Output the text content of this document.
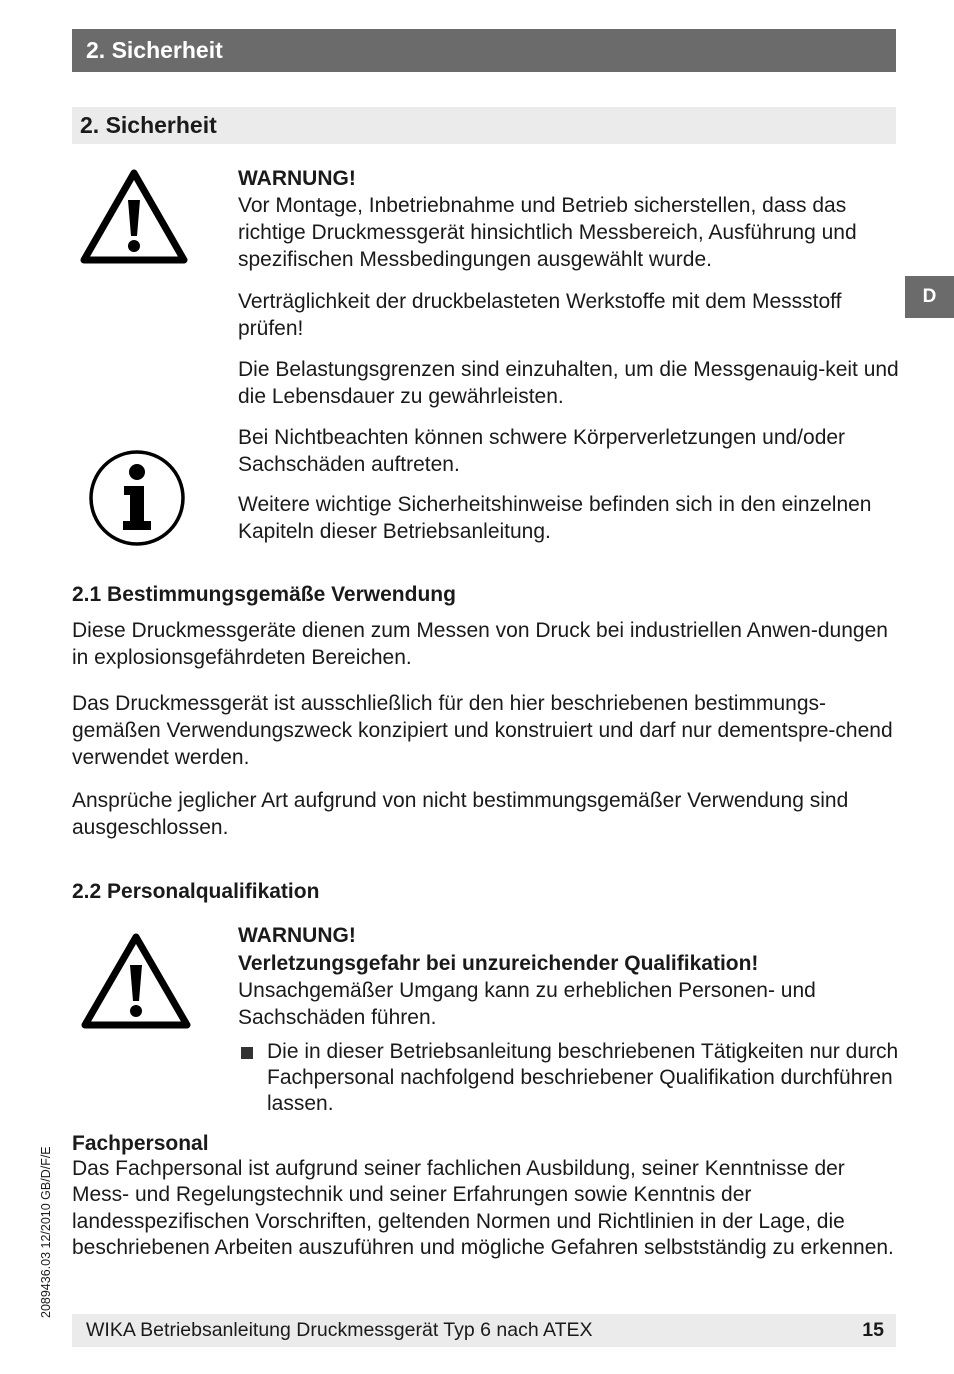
2. Sicherheit
2. Sicherheit
D
2089436.03 12/2010 GB/D/F/E
WARNUNG!
Vor Montage, Inbetriebnahme und Betrieb sicherstellen, dass das richtige Druckmessgerät hinsichtlich Messbereich, Ausführung und spezifischen Messbedingungen ausgewählt wurde.
Verträglichkeit der druckbelasteten Werkstoffe mit dem Messstoff prüfen!
Die Belastungsgrenzen sind einzuhalten, um die Messgenauig-keit und die Lebensdauer zu gewährleisten.
Bei Nichtbeachten können schwere Körperverletzungen und/oder Sachschäden auftreten.
Weitere wichtige Sicherheitshinweise befinden sich in den einzelnen Kapiteln dieser Betriebsanleitung.
2.1 Bestimmungsgemäße Verwendung
Diese Druckmessgeräte dienen zum Messen von Druck bei industriellen Anwen-dungen in explosionsgefährdeten Bereichen.
Das Druckmessgerät ist ausschließlich für den hier beschriebenen bestimmungs-gemäßen Verwendungszweck konzipiert und konstruiert und darf nur dementspre-chend verwendet werden.
Ansprüche jeglicher Art aufgrund von nicht bestimmungsgemäßer Verwendung sind ausgeschlossen.
2.2 Personalqualifikation
WARNUNG!
Verletzungsgefahr bei unzureichender Qualifikation!
Unsachgemäßer Umgang kann zu erheblichen Personen- und Sachschäden führen.
Die in dieser Betriebsanleitung beschriebenen Tätigkeiten nur durch Fachpersonal nachfolgend beschriebener Qualifikation durchführen lassen.
Fachpersonal
Das Fachpersonal ist aufgrund seiner fachlichen Ausbildung, seiner Kenntnisse der Mess- und Regelungstechnik und seiner Erfahrungen sowie Kenntnis der landesspezifischen Vorschriften, geltenden Normen und Richtlinien in der Lage, die beschriebenen Arbeiten auszuführen und mögliche Gefahren selbstständig zu erkennen.
WIKA Betriebsanleitung Druckmessgerät Typ 6 nach ATEX	15
